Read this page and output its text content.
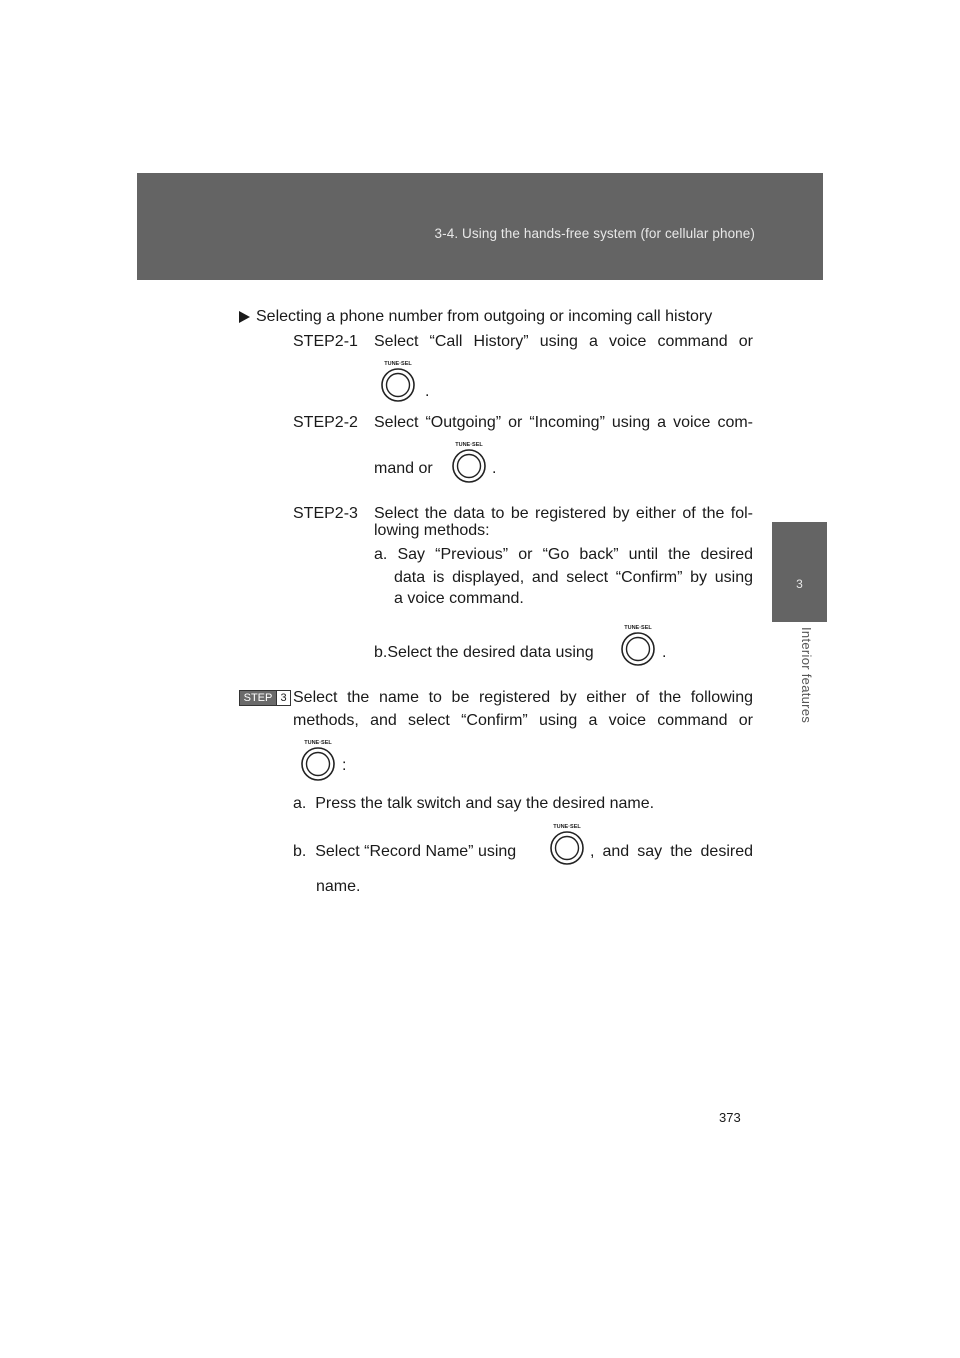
3-4. Using the hands-free system (for cellular phone)
3
Interior features
Selecting a phone number from outgoing or incoming call history
STEP2-1 Select “Call History” using a voice command or
TUNE·SEL
.
STEP2-2 Select “Outgoing” or “Incoming” using a voice com-
mand or
TUNE·SEL
.
STEP2-3 Select the data to be registered by either of the fol-
lowing methods:
a. Say “Previous” or “Go back” until the desired
data is displayed, and select “Confirm” by using
a voice command.
b.Select the desired data using
TUNE·SEL
.
STEP 3 Select the name to be registered by either of the following
methods, and select “Confirm” using a voice command or
TUNE·SEL
:
a.  Press the talk switch and say the desired name.
b.  Select “Record Name” using
TUNE·SEL
, and say the desired
name.
373
